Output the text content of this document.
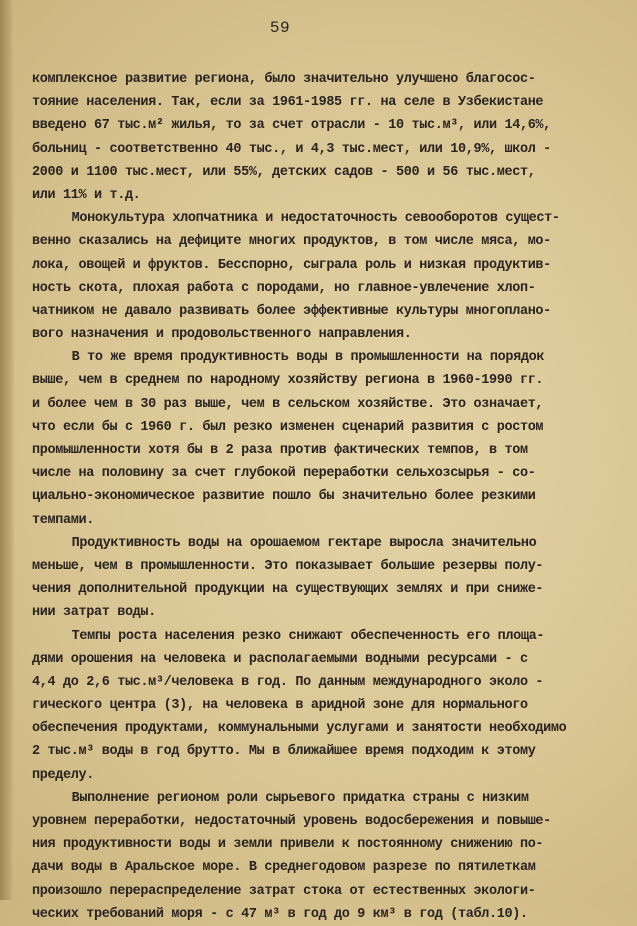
59
комплексное развитие региона, было значительно улучшено благосос-
тояние населения. Так, если за 1961-1985 гг. на селе в Узбекистане
введено 67 тыс.м² жилья, то за счет отрасли - 10 тыс.м³, или 14,6%,
больниц - соответственно 40 тыс., и 4,3 тыс.мест, или 10,9%, школ -
2000 и 1100 тыс.мест, или 55%, детских садов - 500 и 56 тыс.мест,
или 11% и т.д.
Монокультура хлопчатника и недостаточность севооборотов сущест-
венно сказались на дефиците многих продуктов, в том числе мяса, мо-
лока, овощей и фруктов. Бесспорно, сыграла роль и низкая продуктив-
ность скота, плохая работа с породами, но главное-увлечение хлоп-
чатником не давало развивать более эффективные культуры многоплано-
вого назначения и продовольственного направления.
В то же время продуктивность воды в промышленности на порядок
выше, чем в среднем по народному хозяйству региона в 1960-1990 гг.
и более чем в 30 раз выше, чем в сельском хозяйстве. Это означает,
что если бы с 1960 г. был резко изменен сценарий развития с ростом
промышленности хотя бы в 2 раза против фактических темпов, в том
числе на половину за счет глубокой переработки сельхозсырья - со-
циально-экономическое развитие пошло бы значительно более резкими
темпами.
Продуктивность воды на орошаемом гектаре выросла значительно
меньше, чем в промышленности. Это показывает большие резервы полу-
чения дополнительной продукции на существующих землях и при сниже-
нии затрат воды.
Темпы роста населения резко снижают обеспеченность его площа-
дями орошения на человека и располагаемыми водными ресурсами - с
4,4 до 2,6 тыс.м³/человека в год. По данным международного эколо -
гического центра (3), на человека в аридной зоне для нормального
обеспечения продуктами, коммунальными услугами и занятости необходимо
2 тыс.м³ воды в год брутто. Мы в ближайшее время подходим к этому
пределу.
Выполнение регионом роли сырьевого придатка страны с низким
уровнем переработки, недостаточный уровень водосбережения и повыше-
ния продуктивности воды и земли привели к постоянному снижению по-
дачи воды в Аральское море. В среднегодовом разрезе по пятилеткам
произошло перераспределение затрат стока от естественных экологи-
ческих требований моря - с 47 м³ в год до 9 км³ в год (табл.10).
